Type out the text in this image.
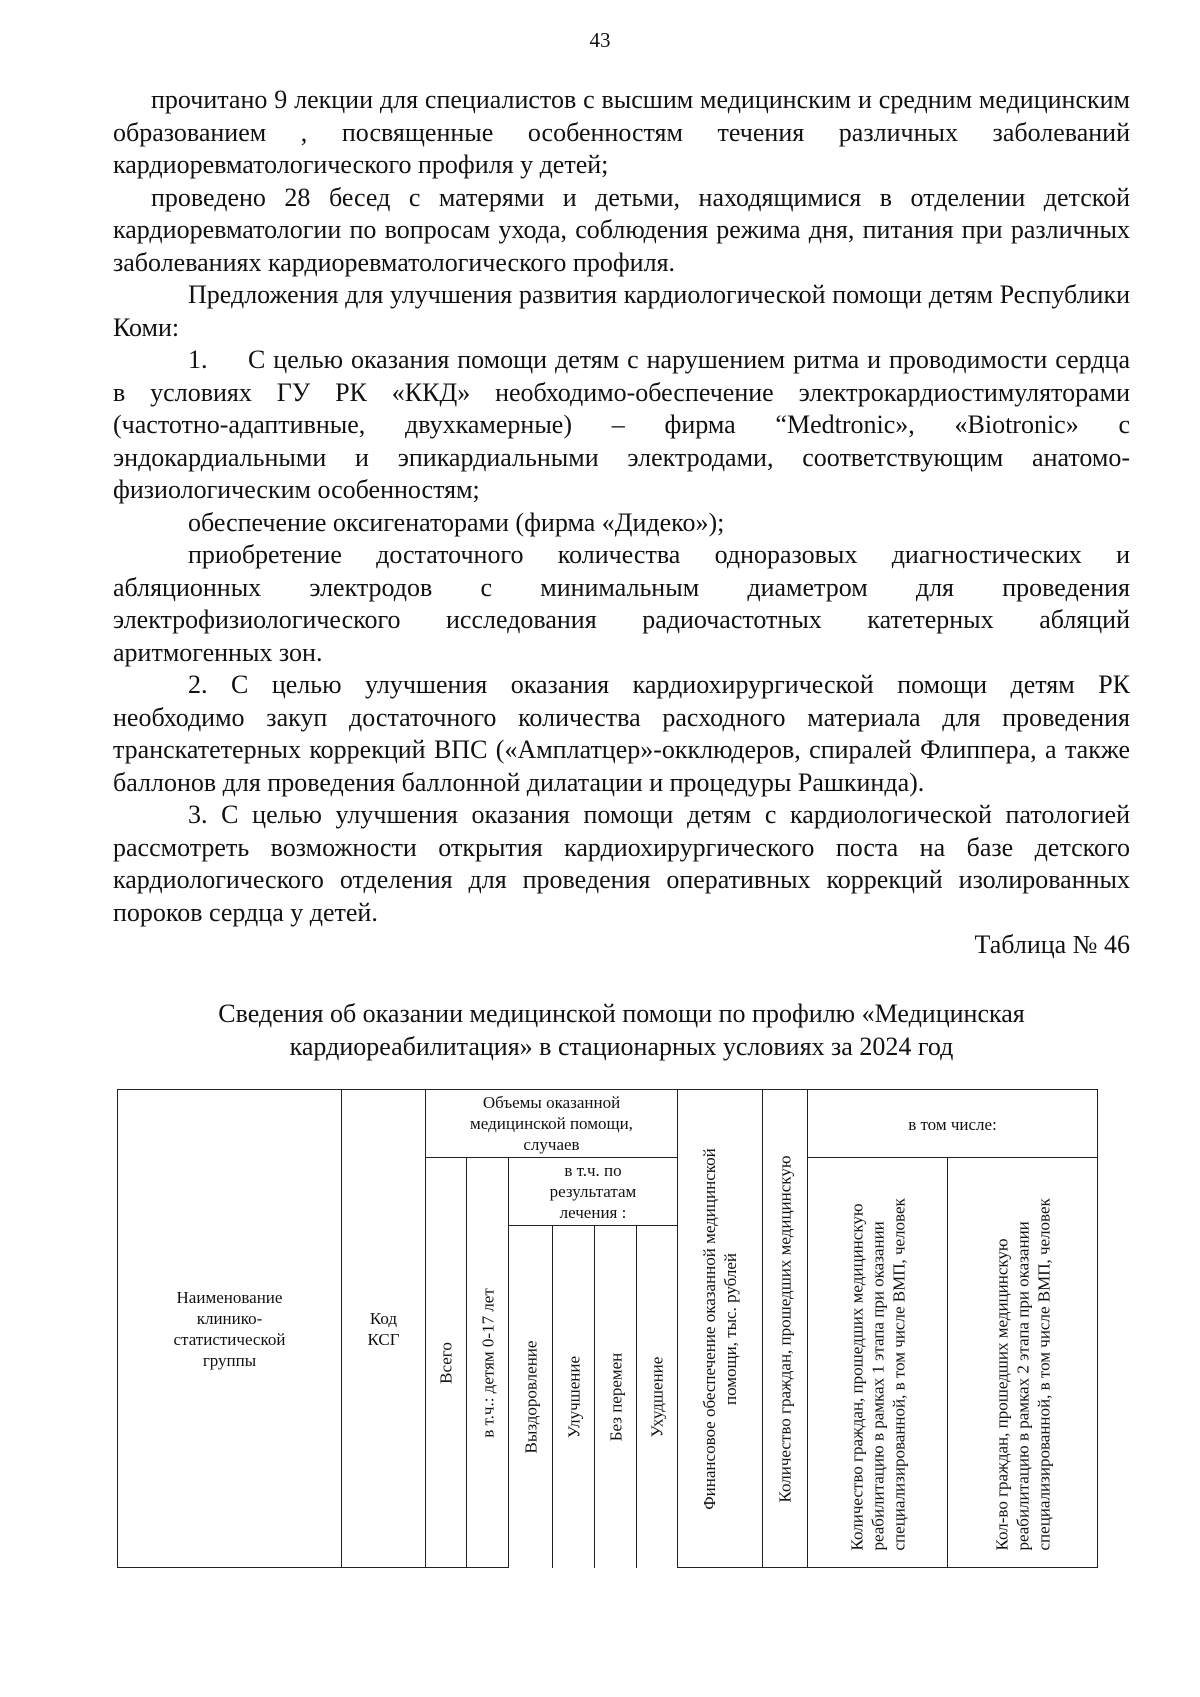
43

прочитано 9 лекции для специалистов с высшим медицинским и средним медицинским образованием , посвященные особенностям течения различных заболеваний кардиоревматологического профиля у детей;

проведено 28 бесед с матерями и детьми, находящимися в отделении детской кардиоревматологии по вопросам ухода, соблюдения режима дня, питания при различных заболеваниях кардиоревматологического профиля.

Предложения для улучшения развития кардиологической помощи детям Республики Коми:

1. С целью оказания помощи детям с нарушением ритма и проводимости сердца в условиях ГУ РК «ККД» необходимо-обеспечение электрокардиостимуляторами (частотно-адаптивные, двухкамерные) – фирма “Medtronic», «Biotronic» с эндокардиальными и эпикардиальными электродами, соответствующим анатомо-физиологическим особенностям;

обеспечение оксигенаторами (фирма «Дидеко»);

приобретение достаточного количества одноразовых диагностических и абляционных электродов с минимальным диаметром для проведения электрофизиологического исследования радиочастотных катетерных абляций аритмогенных зон.

2. С целью улучшения оказания кардиохирургической помощи детям РК необходимо закуп достаточного количества расходного материала для проведения транскатетерных коррекций ВПС («Амплатцер»-окклюдеров, спиралей Флиппера, а также баллонов для проведения баллонной дилатации и процедуры Рашкинда).

3. С целью улучшения оказания помощи детям с кардиологической патологией рассмотреть возможности открытия кардиохирургического поста на базе детского кардиологического отделения для проведения оперативных коррекций изолированных пороков сердца у детей.

Таблица № 46

Сведения об оказании медицинской помощи по профилю «Медицинская
кардиореабилитация» в стационарных условиях за 2024 год

Наименование клинико-статистической группы	Код КСГ	Объемы оказанной медицинской помощи, случаев						Финансовое обеспечение оказанной медицинской помощи, тыс. рублей	Количество граждан, прошедших медицинскую	в том числе:	

		Всего	в т.ч.: детям 0-17 лет	в т.ч. по результатам лечения :						Количество граждан, прошедших медицинскую реабилитацию в рамках 1 этапа при оказании специализированной, в том числе ВМП, человек	Кол-во граждан, прошедших медицинскую реабилитацию в рамках 2 этапа при оказании специализированной, в том числе ВМП, человек

				Выздоровление	Улучшение	Без перемен	Ухудшение				
